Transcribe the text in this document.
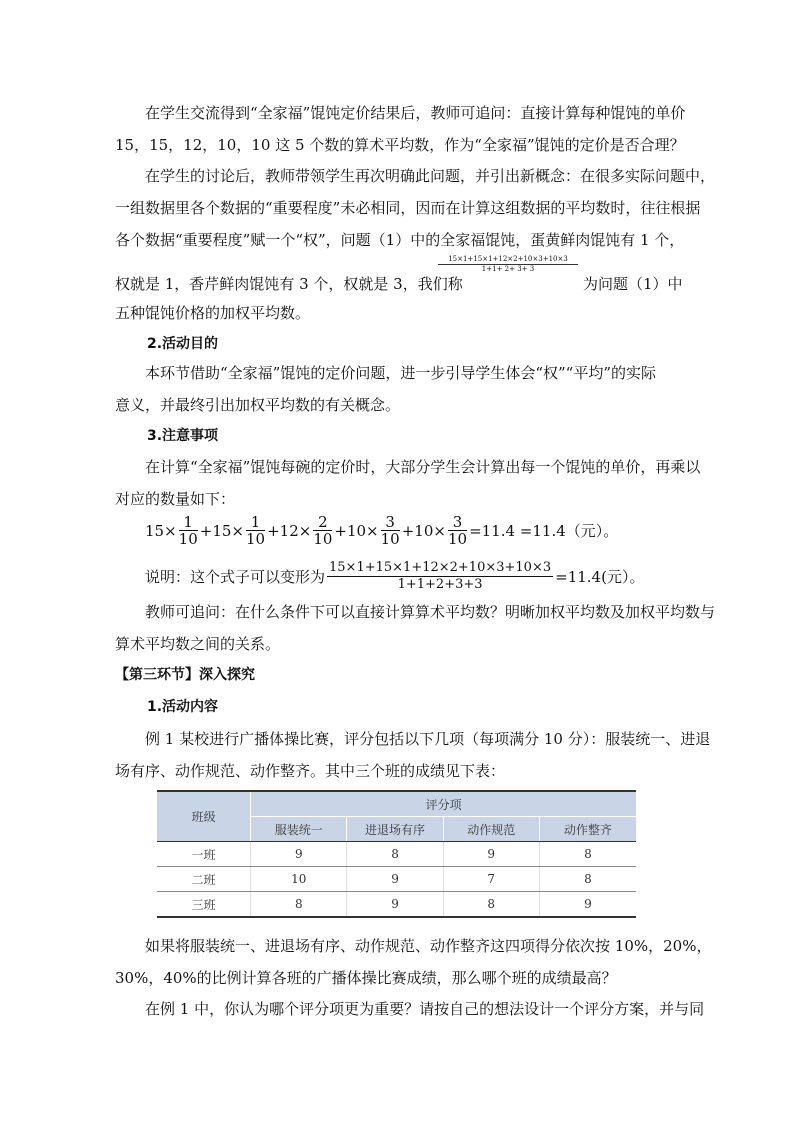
在学生交流得到“全家福”馄饨定价结果后，教师可追问：直接计算每种馄饨的单价
15，15，12，10，10 这 5 个数的算术平均数，作为“全家福”馄饨的定价是否合理？
在学生的讨论后，教师带领学生再次明确此问题，并引出新概念：在很多实际问题中，
一组数据里各个数据的“重要程度”未必相同，因而在计算这组数据的平均数时，往往根据
各个数据“重要程度”赋一个“权”，问题（1）中的全家福馄饨，蛋黄鲜肉馄饨有 1 个，
权就是 1，香芹鲜肉馄饨有 3 个，权就是 3，我们称
$\frac{15\times 1+15\times 1+12\times 2+10\times 3+10\times 3}{1+1+ 2+ 3+ 3}$
为问题（1）中
五种馄饨价格的加权平均数。
2.活动目的
本环节借助“全家福”馄饨的定价问题，进一步引导学生体会“权”“平均”的实际
意义，并最终引出加权平均数的有关概念。
3.注意事项
在计算“全家福”馄饨每碗的定价时，大部分学生会计算出每一个馄饨的单价，再乘以
对应的数量如下：
$15\times \frac{1}{10} +15\times \frac{1}{10} +12\times \frac{2}{10} +10\times \frac{3}{10} +10\times \frac{3}{10} =11.4 =11.4$（元）。
说明：这个式子可以变形为 $\frac{15\times 1+15\times 1+12\times 2+10\times 3+10\times 3}{1+1+2+3+3} =11.4$(元）。
教师可追问：在什么条件下可以直接计算算术平均数？明晰加权平均数及加权平均数与
算术平均数之间的关系。
【第三环节】深入探究
1.活动内容
例 1 某校进行广播体操比赛，评分包括以下几项（每项满分 10 分）：服装统一、进退
场有序、动作规范、动作整齐。其中三个班的成绩见下表：
班级	评分项			
	服装统一	进退场有序	动作规范	动作整齐
一班	9	8	9	8
二班	10	9	7	8
三班	8	9	8	9
如果将服装统一、进退场有序、动作规范、动作整齐这四项得分依次按 10%，20%，
30%，40%的比例计算各班的广播体操比赛成绩，那么哪个班的成绩最高？
在例 1 中，你认为哪个评分项更为重要？请按自己的想法设计一个评分方案，并与同
